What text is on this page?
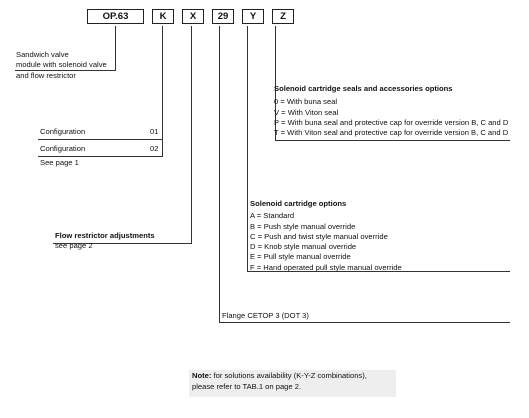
OP.63	K	X	29	Y	Z
Sandwich valve
module with solenoid valve
and flow restrictor
Configuration	01
Configuration	02
See page 1
Flow restrictor adjustments
see page 2
Solenoid cartridge seals and accessories options
0 = With buna seal
V = With Viton seal
P = With buna seal and protective cap for override version B, C and D
T = With Viton seal and protective cap for override version B, C and D
Solenoid cartridge options
A = Standard
B = Push style manual override
C = Push and twist style manual override
D = Knob style manual override
E = Pull style manual override
F = Hand operated pull style manual override
Flange CETOP 3 (DOT 3)
Note: for solutions availability (K-Y-Z combinations),
please refer to TAB.1 on page 2.
